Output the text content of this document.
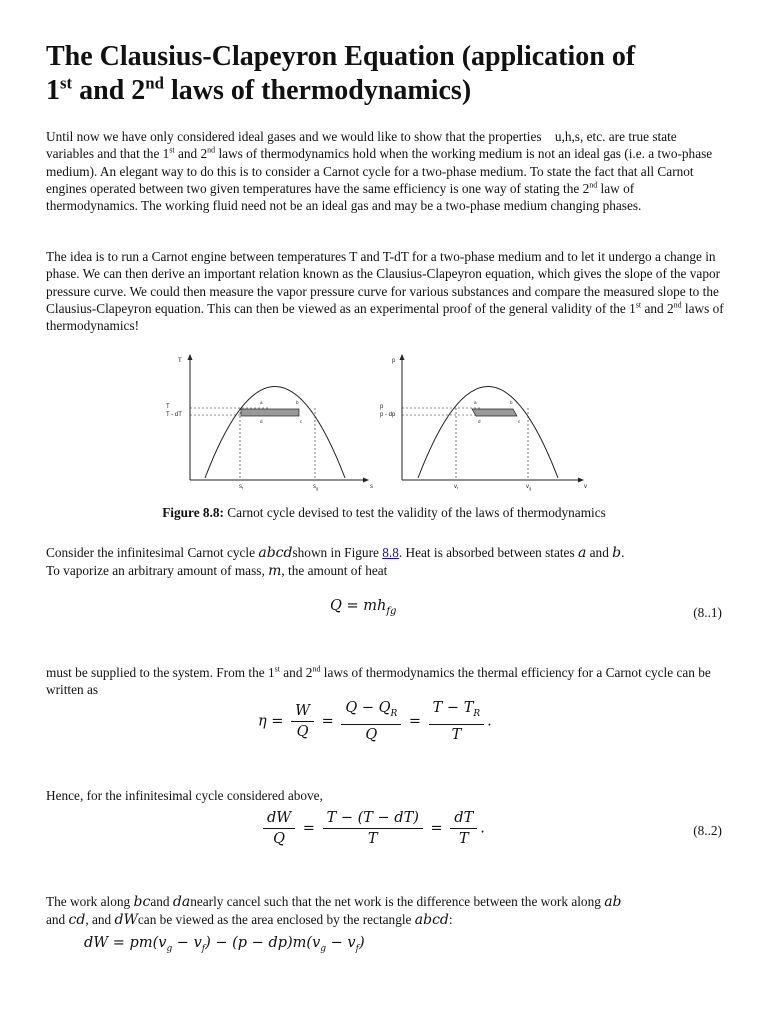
The Clausius-Clapeyron Equation (application of
1st and 2nd laws of thermodynamics)

Until now we have only considered ideal gases and we would like to show that the properties u,h,s, etc. are true state variables and that the 1st and 2nd laws of thermodynamics hold when the working medium is not an ideal gas (i.e. a two-phase medium). An elegant way to do this is to consider a Carnot cycle for a two-phase medium. To state the fact that all Carnot engines operated between two given temperatures have the same efficiency is one way of stating the 2nd law of thermodynamics. The working fluid need not be an ideal gas and may be a two-phase medium changing phases.

The idea is to run a Carnot engine between temperatures T and T-dT for a two-phase medium and to let it undergo a change in phase. We can then derive an important relation known as the Clausius-Clapeyron equation, which gives the slope of the vapor pressure curve. We could then measure the vapor pressure curve for various substances and compare the measured slope to the Clausius-Clapeyron equation. This can then be viewed as an experimental proof of the general validity of the 1st and 2nd laws of thermodynamics!

T
T
T - dT
a	b
c
d
$s_f$	$s_g$	s
p
p
p - dp
a	b
c
d
$v_f$	$v_g$	v
Figure 8.8: Carnot cycle devised to test the validity of the laws of thermodynamics

Consider the infinitesimal Carnot cycle abcdshown in Figure 8.8. Heat is absorbed between states a and b.
To vaporize an arbitrary amount of mass, m, the amount of heat

$Q = mh_{fg}$	(8..1)

must be supplied to the system. From the 1st and 2nd laws of thermodynamics the thermal efficiency for a Carnot cycle can be written as

$\eta = \frac{W}{Q} = \frac{Q - Q_R}{Q} = \frac{T - T_R}{T}$ .

Hence, for the infinitesimal cycle considered above,

$\frac{dW}{Q} = \frac{T - (T - dT)}{T} = \frac{dT}{T}$ .	(8..2)

The work along bcand danearly cancel such that the net work is the difference between the work along ab
and cd, and dWcan be viewed as the area enclosed by the rectangle abcd:

dW = $pm(v_g - v_f) - (p - dp)m(v_g - v_f)$
